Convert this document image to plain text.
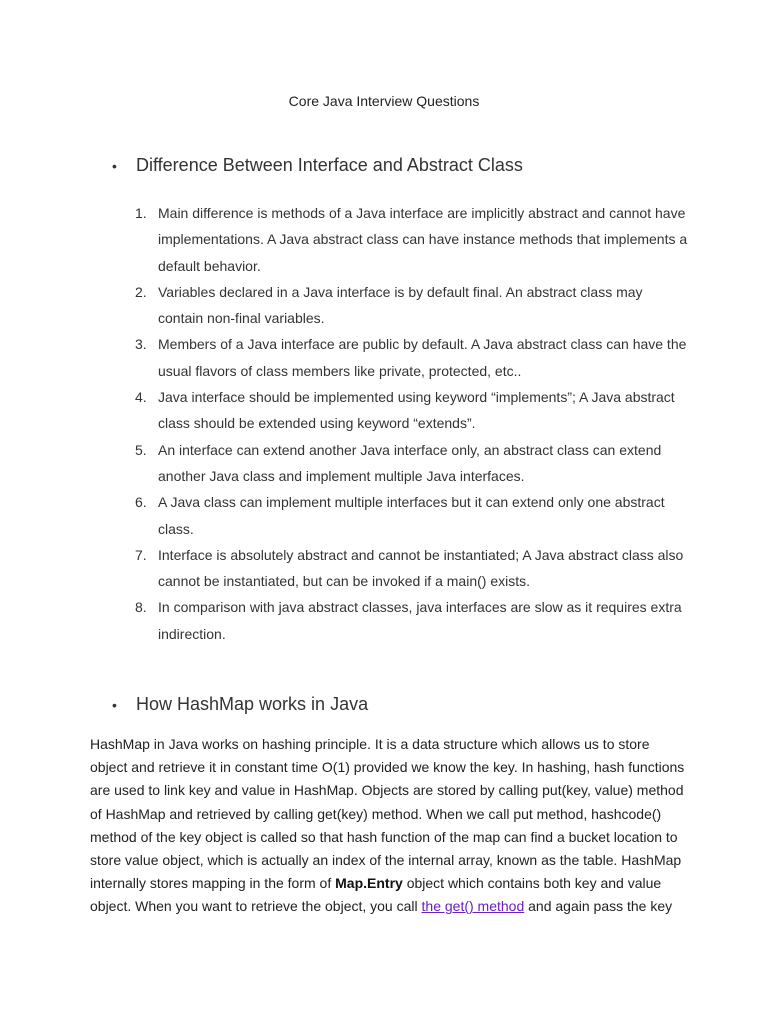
Core Java Interview Questions
•	Difference Between Interface and Abstract Class
1. Main difference is methods of a Java interface are implicitly abstract and cannot have implementations. A Java abstract class can have instance methods that implements a default behavior.
2. Variables declared in a Java interface is by default final. An abstract class may contain non-final variables.
3. Members of a Java interface are public by default. A Java abstract class can have the usual flavors of class members like private, protected, etc..
4. Java interface should be implemented using keyword “implements”; A Java abstract class should be extended using keyword “extends”.
5. An interface can extend another Java interface only, an abstract class can extend another Java class and implement multiple Java interfaces.
6. A Java class can implement multiple interfaces but it can extend only one abstract class.
7. Interface is absolutely abstract and cannot be instantiated; A Java abstract class also cannot be instantiated, but can be invoked if a main() exists.
8. In comparison with java abstract classes, java interfaces are slow as it requires extra indirection.
•	How HashMap works in Java

HashMap in Java works on hashing principle. It is a data structure which allows us to store object and retrieve it in constant time O(1) provided we know the key. In hashing, hash functions are used to link key and value in HashMap. Objects are stored by calling put(key, value) method of HashMap and retrieved by calling get(key) method. When we call put method, hashcode() method of the key object is called so that hash function of the map can find a bucket location to store value object, which is actually an index of the internal array, known as the table. HashMap internally stores mapping in the form of Map.Entry object which contains both key and value object. When you want to retrieve the object, you call the get() method and again pass the key
